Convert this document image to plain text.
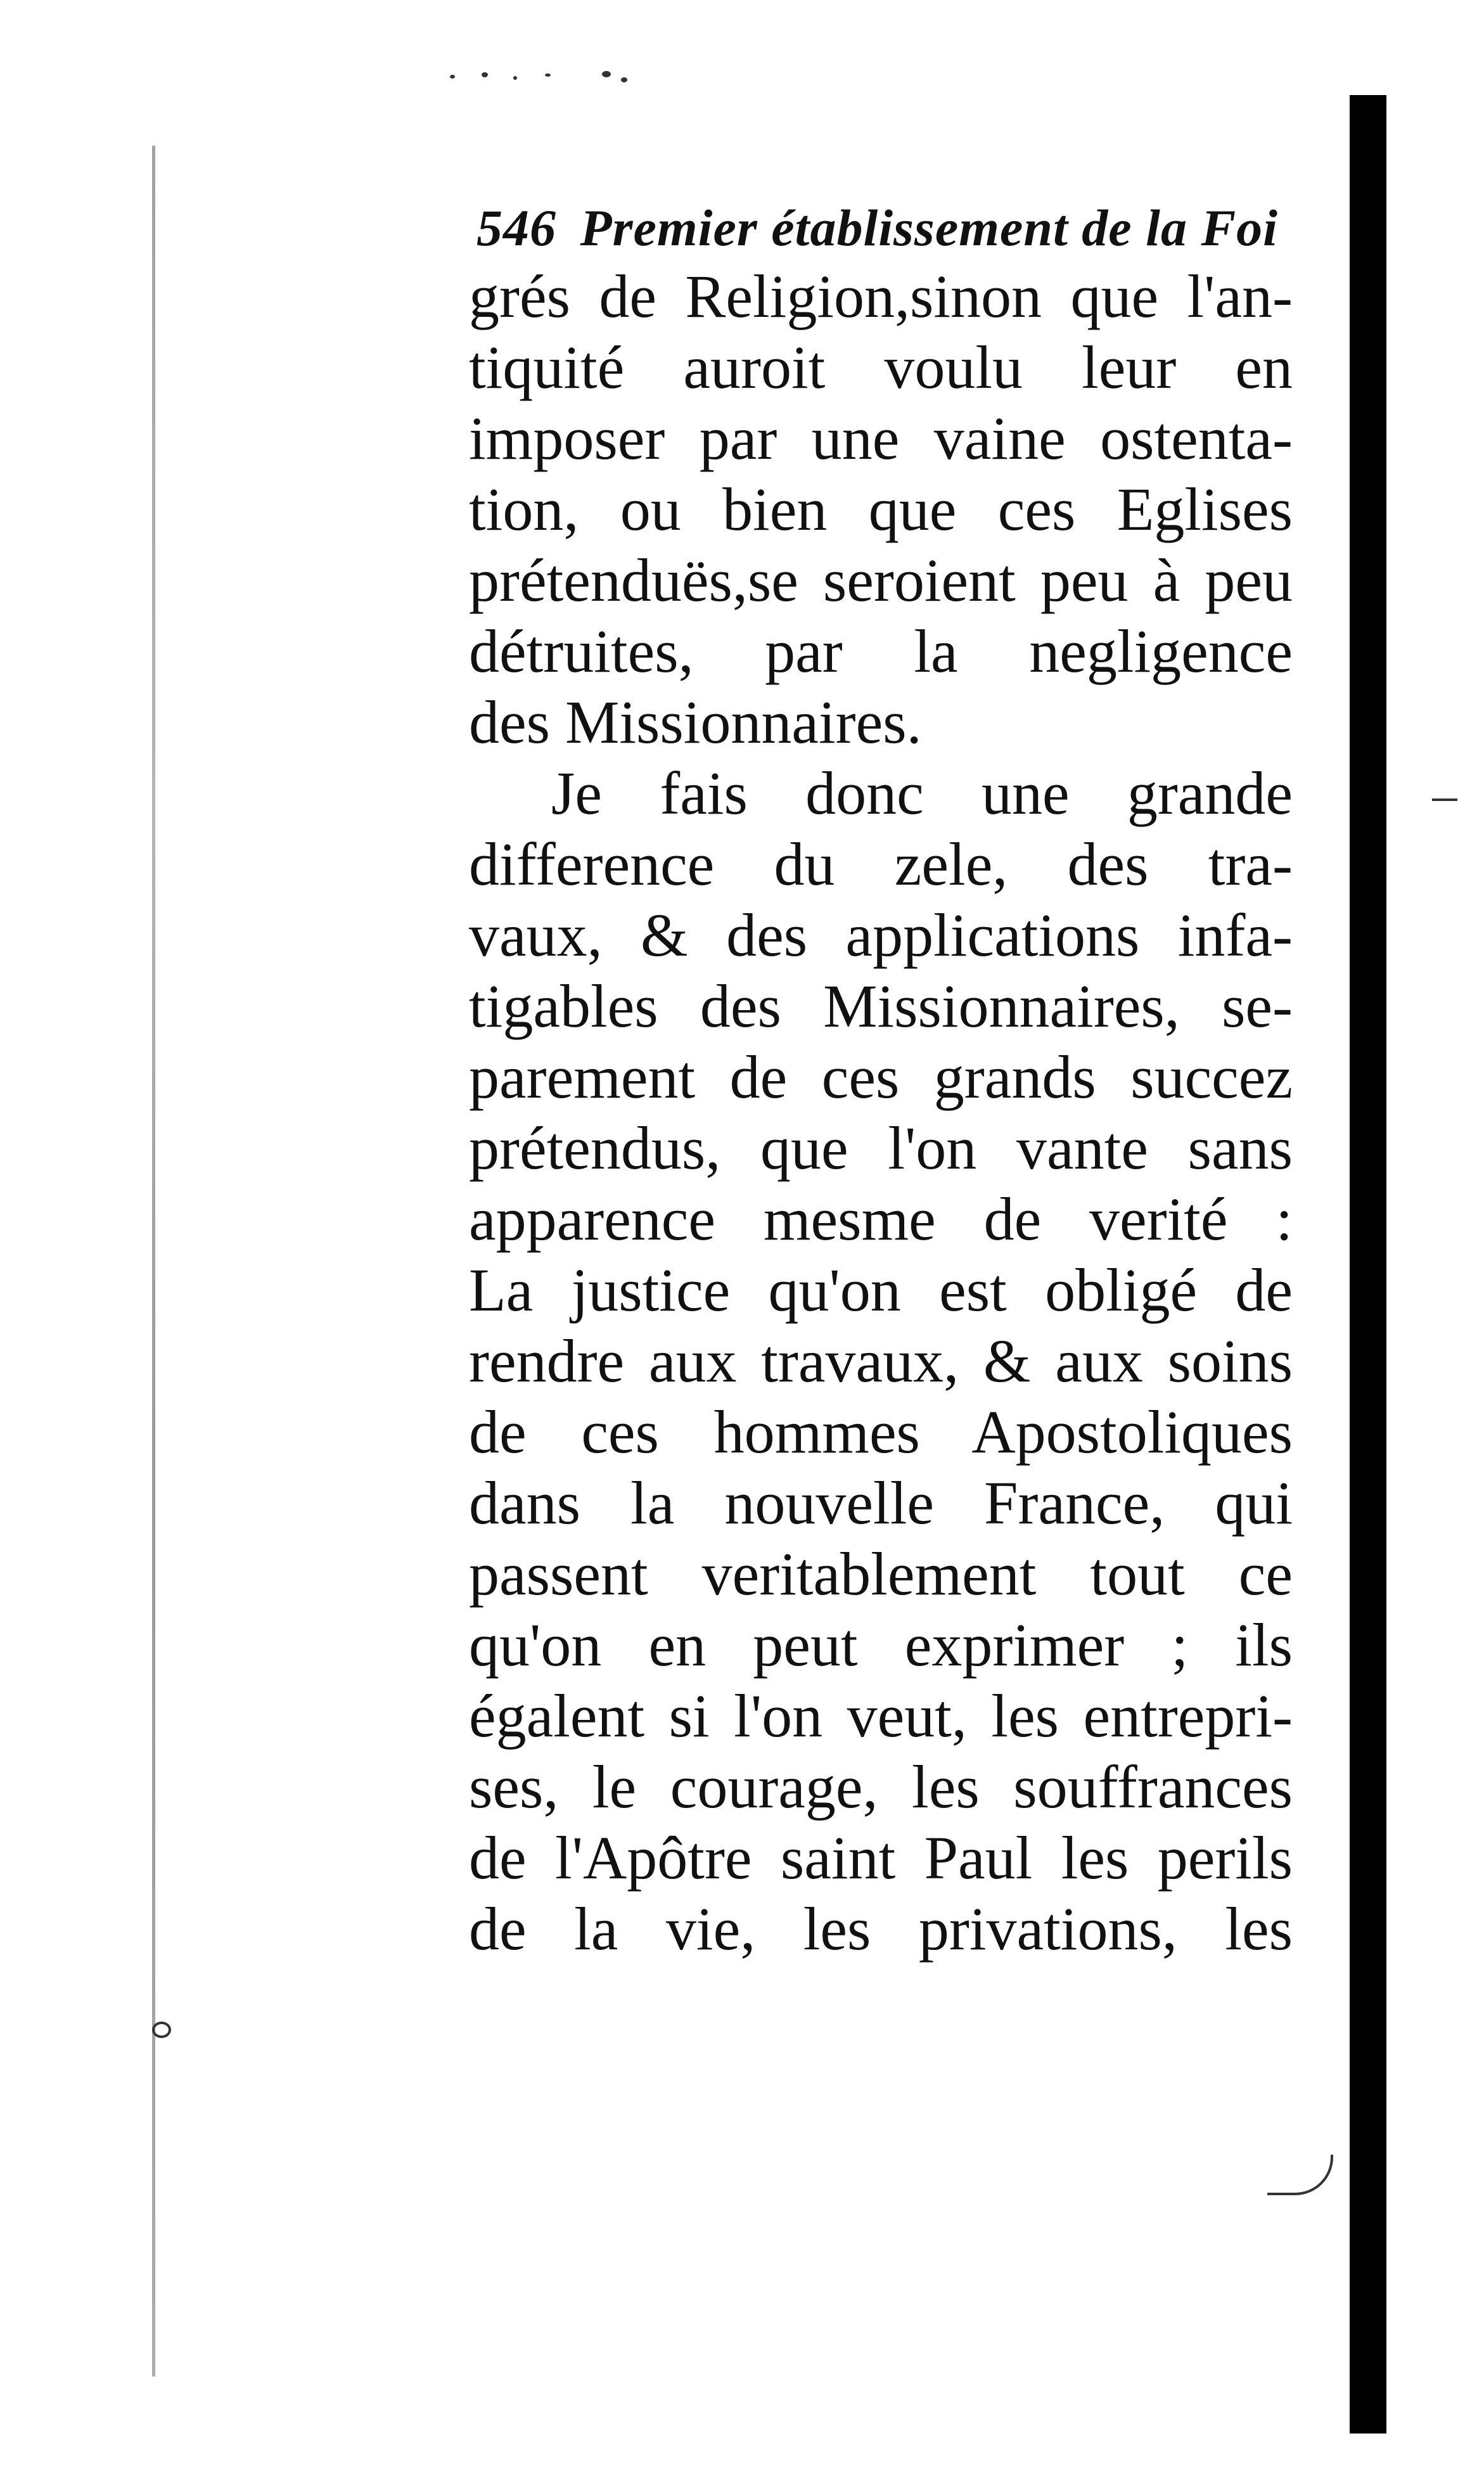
546 Premier établissement de la Foi
grés de Religion,sinon que l'an-
tiquité auroit voulu leur en
imposer par une vaine ostenta-
tion, ou bien que ces Eglises
prétenduës,se seroient peu à peu
détruites, par la negligence
des Missionnaires.
Je fais donc une grande
difference du zele, des tra-
vaux, & des applications infa-
tigables des Missionnaires, se-
parement de ces grands succez
prétendus, que l'on vante sans
apparence mesme de verité :
La justice qu'on est obligé de
rendre aux travaux, & aux soins
de ces hommes Apostoliques
dans la nouvelle France, qui
passent veritablement tout ce
qu'on en peut exprimer ; ils
égalent si l'on veut, les entrepri-
ses, le courage, les souffrances
de l'Apôtre saint Paul les perils
de la vie, les privations, les
